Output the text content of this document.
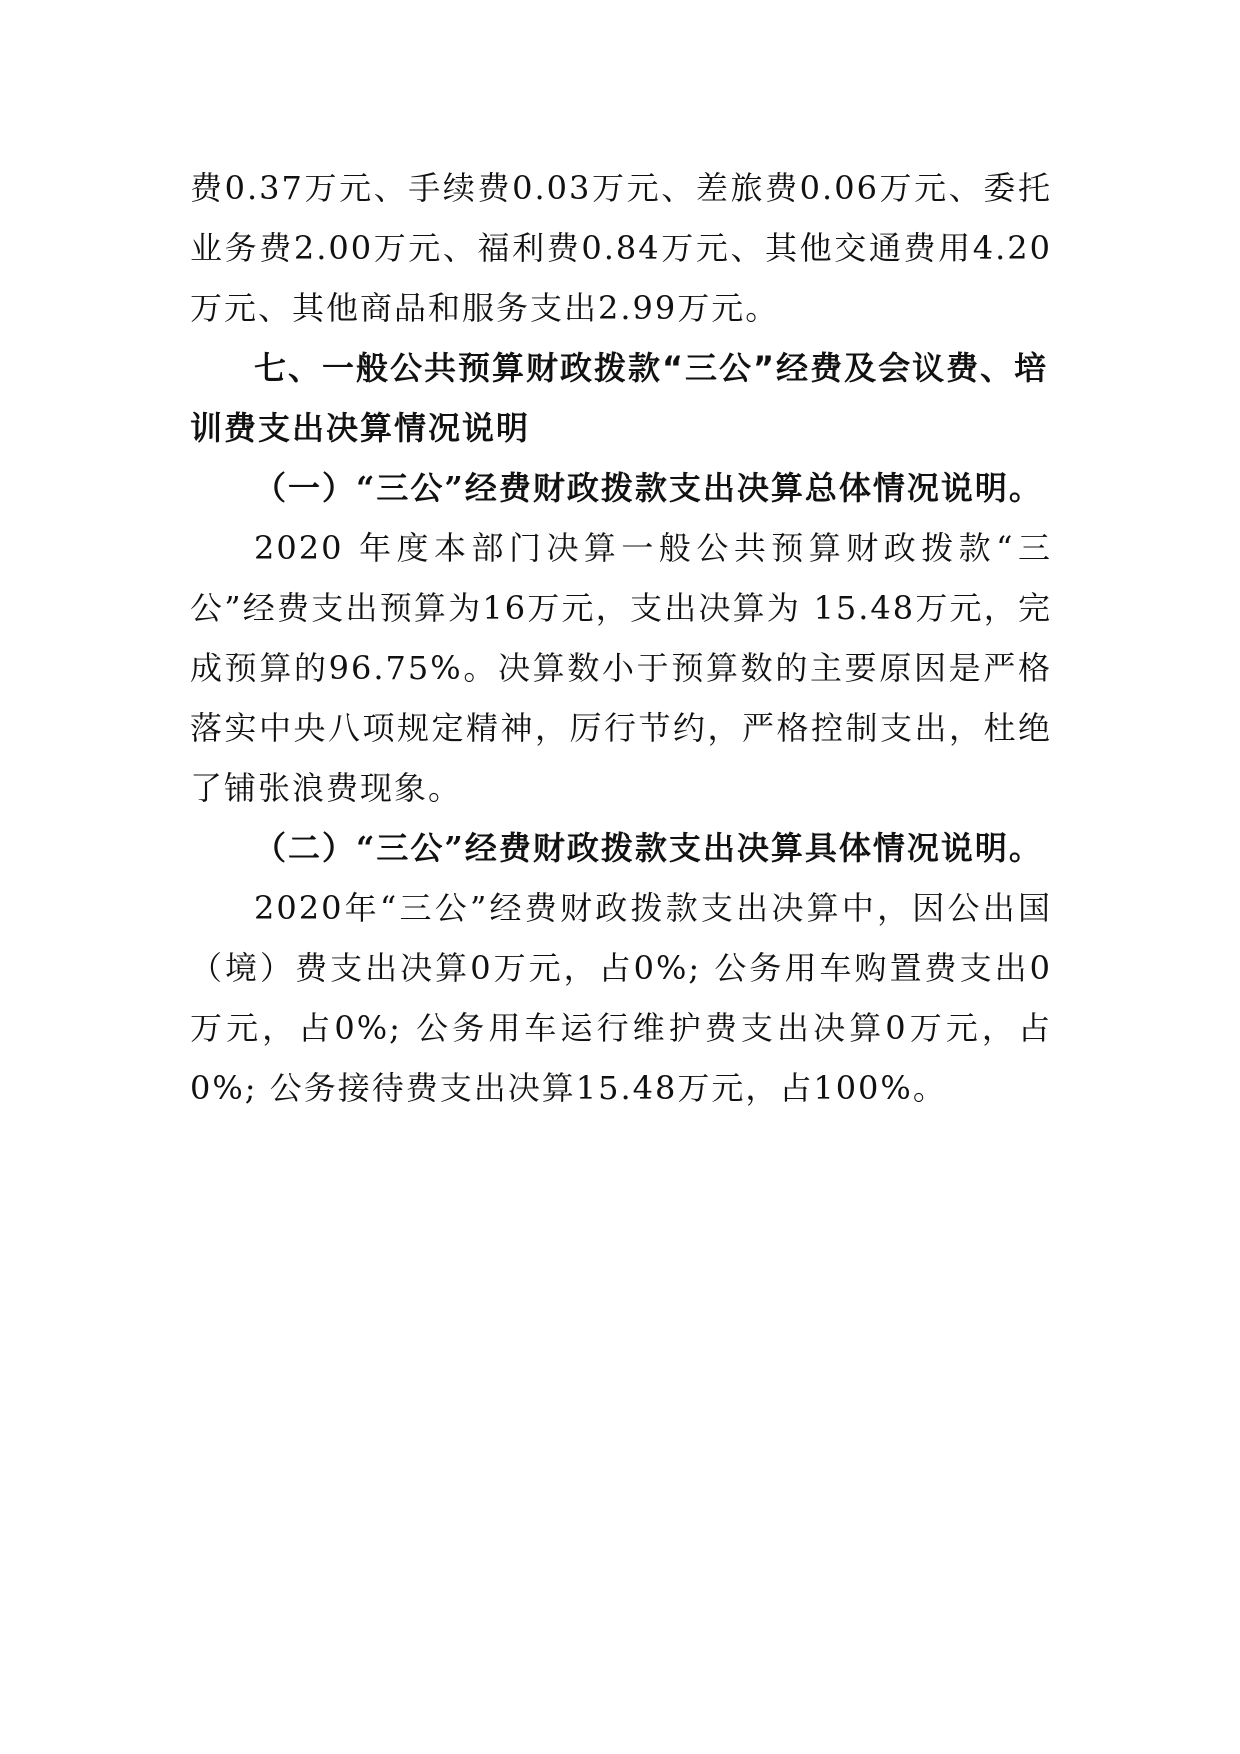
费0.37万元、手续费0.03万元、差旅费0.06万元、委托业务费2.00万元、福利费0.84万元、其他交通费用4.20万元、其他商品和服务支出2.99万元。

七、一般公共预算财政拨款“三公”经费及会议费、培训费支出决算情况说明

（一）“三公”经费财政拨款支出决算总体情况说明。

2020 年度本部门决算一般公共预算财政拨款“三公”经费支出预算为16万元，支出决算为 15.48万元，完成预算的96.75%。决算数小于预算数的主要原因是严格落实中央八项规定精神，厉行节约，严格控制支出，杜绝了铺张浪费现象。

（二）“三公”经费财政拨款支出决算具体情况说明。

2020年“三公”经费财政拨款支出决算中，因公出国（境）费支出决算0万元，占0%; 公务用车购置费支出0万元，占0%; 公务用车运行维护费支出决算0万元，占0%; 公务接待费支出决算15.48万元，占100%。
